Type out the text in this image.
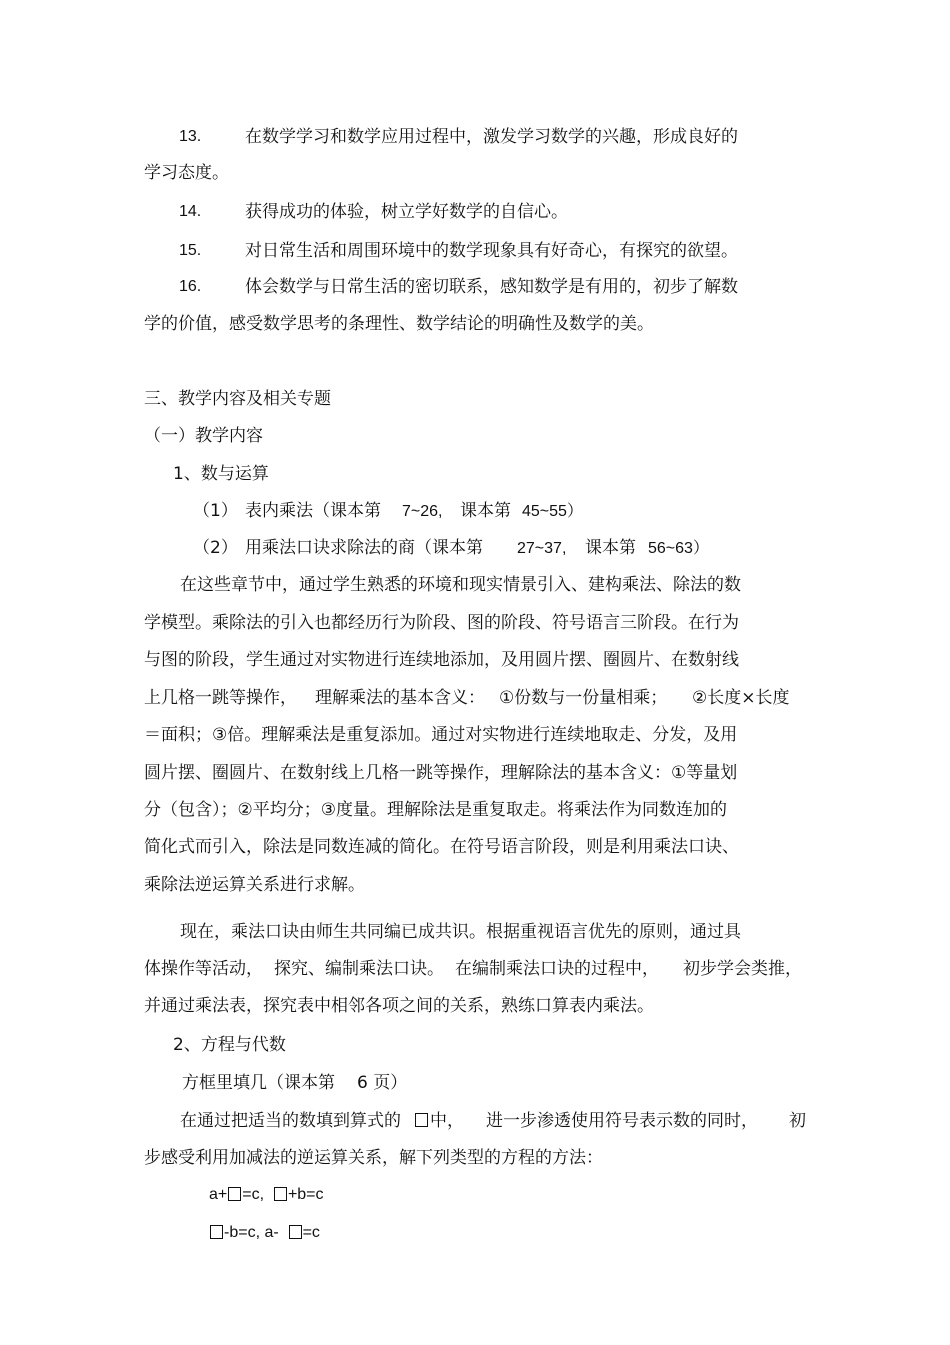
13.	在数学学习和数学应用过程中，激发学习数学的兴趣，形成良好的
学习态度。
14.	获得成功的体验，树立学好数学的自信心。
15.	对日常生活和周围环境中的数学现象具有好奇心，有探究的欲望。
16.	体会数学与日常生活的密切联系，感知数学是有用的，初步了解数
学的价值，感受数学思考的条理性、数学结论的明确性及数学的美。
三、教学内容及相关专题
（一）教学内容
1、数与运算
（1） 表内乘法（课本第 7~26, 课本第 45~55）
（2） 用乘法口诀求除法的商（课本第 27~37, 课本第 56~63）
在这些章节中，通过学生熟悉的环境和现实情景引入、建构乘法、除法的数
学模型。乘除法的引入也都经历行为阶段、图的阶段、符号语言三阶段。在行为
与图的阶段，学生通过对实物进行连续地添加，及用圆片摆、圈圆片、在数射线
上几格一跳等操作， 理解乘法的基本含义： ①份数与一份量相乘； ②长度×长度
＝面积；③倍。理解乘法是重复添加。通过对实物进行连续地取走、分发，及用
圆片摆、圈圆片、在数射线上几格一跳等操作，理解除法的基本含义：①等量划
分（包含）；②平均分；③度量。理解除法是重复取走。将乘法作为同数连加的
简化式而引入，除法是同数连减的简化。在符号语言阶段，则是利用乘法口诀、
乘除法逆运算关系进行求解。
现在，乘法口诀由师生共同编已成共识。根据重视语言优先的原则，通过具
体操作等活动， 探究、编制乘法口诀。 在编制乘法口诀的过程中， 初步学会类推，
并通过乘法表，探究表中相邻各项之间的关系，熟练口算表内乘法。
2、方程与代数
方框里填几（课本第 6 页）
在通过把适当的数填到算式的 中， 进一步渗透使用符号表示数的同时， 初
步感受利用加减法的逆运算关系，解下列类型的方程的方法：
a+ =c, +b=c
-b=c, a- =c
